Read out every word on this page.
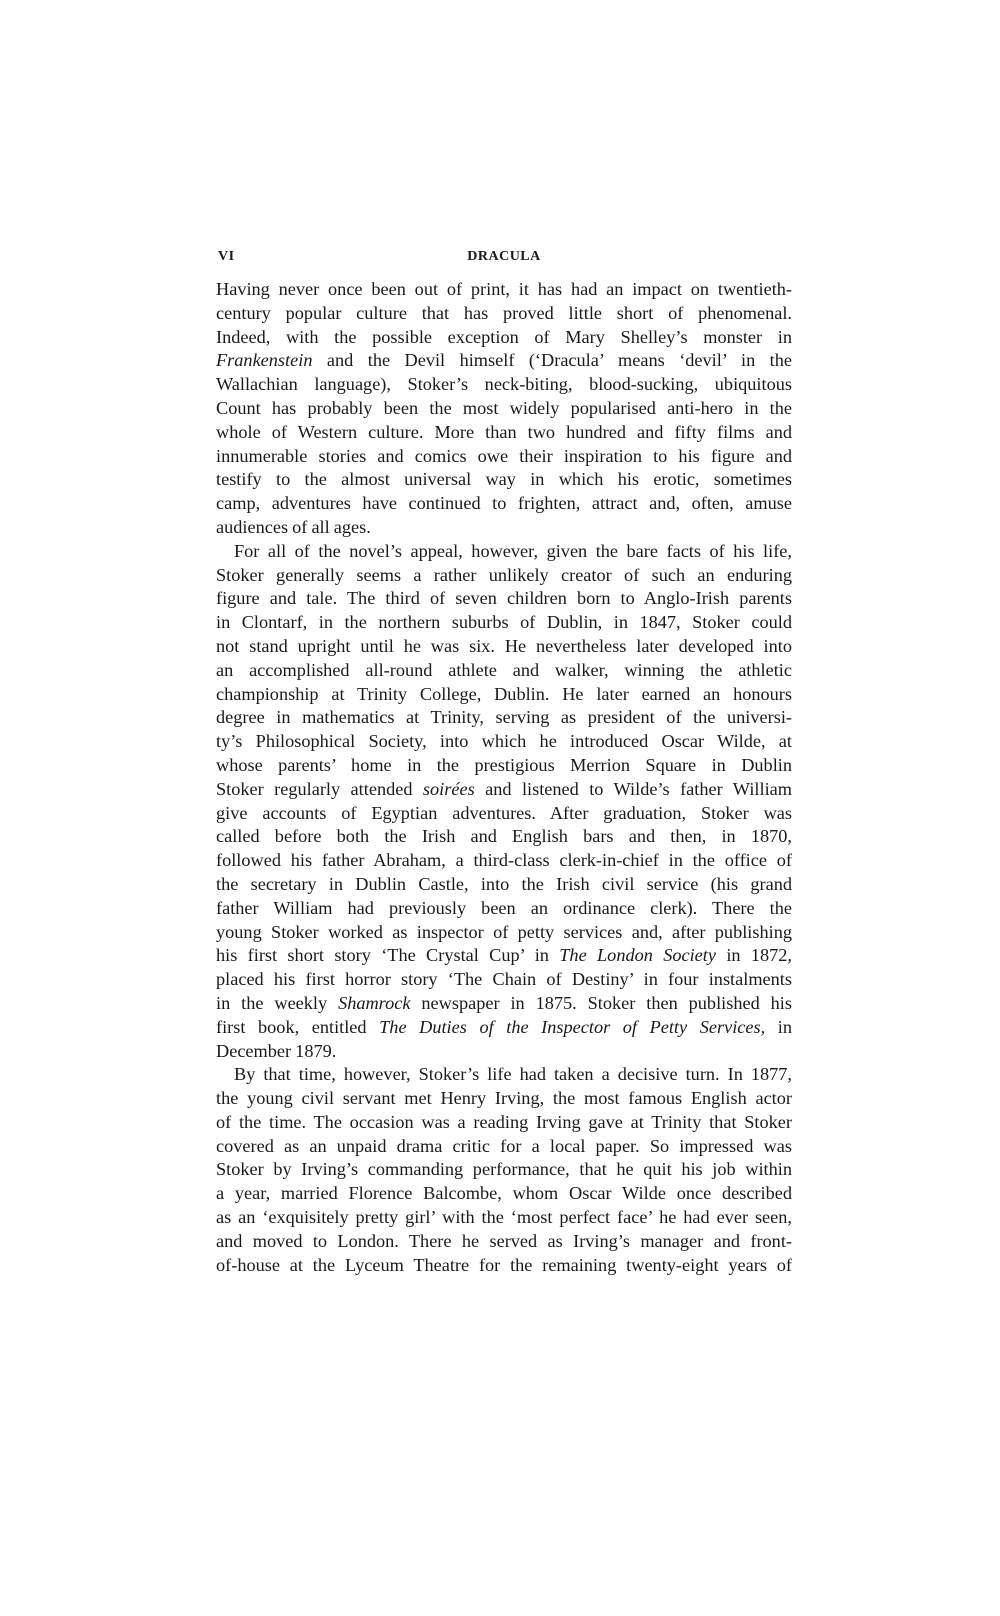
VI	DRACULA
Having never once been out of print, it has had an impact on twentieth-
century popular culture that has proved little short of phenomenal.
Indeed, with the possible exception of Mary Shelley’s monster in
Frankenstein and the Devil himself (‘Dracula’ means ‘devil’ in the
Wallachian language), Stoker’s neck-biting, blood-sucking, ubiquitous
Count has probably been the most widely popularised anti-hero in the
whole of Western culture. More than two hundred and fifty films and
innumerable stories and comics owe their inspiration to his figure and
testify to the almost universal way in which his erotic, sometimes
camp, adventures have continued to frighten, attract and, often, amuse
audiences of all ages.
For all of the novel’s appeal, however, given the bare facts of his life,
Stoker generally seems a rather unlikely creator of such an enduring
figure and tale. The third of seven children born to Anglo-Irish parents
in Clontarf, in the northern suburbs of Dublin, in 1847, Stoker could
not stand upright until he was six. He nevertheless later developed into
an accomplished all-round athlete and walker, winning the athletic
championship at Trinity College, Dublin. He later earned an honours
degree in mathematics at Trinity, serving as president of the universi-
ty’s Philosophical Society, into which he introduced Oscar Wilde, at
whose parents’ home in the prestigious Merrion Square in Dublin
Stoker regularly attended soirées and listened to Wilde’s father William
give accounts of Egyptian adventures. After graduation, Stoker was
called before both the Irish and English bars and then, in 1870,
followed his father Abraham, a third-class clerk-in-chief in the office of
the secretary in Dublin Castle, into the Irish civil service (his grand
father William had previously been an ordinance clerk). There the
young Stoker worked as inspector of petty services and, after publishing
his first short story ‘The Crystal Cup’ in The London Society in 1872,
placed his first horror story ‘The Chain of Destiny’ in four instalments
in the weekly Shamrock newspaper in 1875. Stoker then published his
first book, entitled The Duties of the Inspector of Petty Services, in
December 1879.
By that time, however, Stoker’s life had taken a decisive turn. In 1877,
the young civil servant met Henry Irving, the most famous English actor
of the time. The occasion was a reading Irving gave at Trinity that Stoker
covered as an unpaid drama critic for a local paper. So impressed was
Stoker by Irving’s commanding performance, that he quit his job within
a year, married Florence Balcombe, whom Oscar Wilde once described
as an ‘exquisitely pretty girl’ with the ‘most perfect face’ he had ever seen,
and moved to London. There he served as Irving’s manager and front-
of-house at the Lyceum Theatre for the remaining twenty-eight years of
